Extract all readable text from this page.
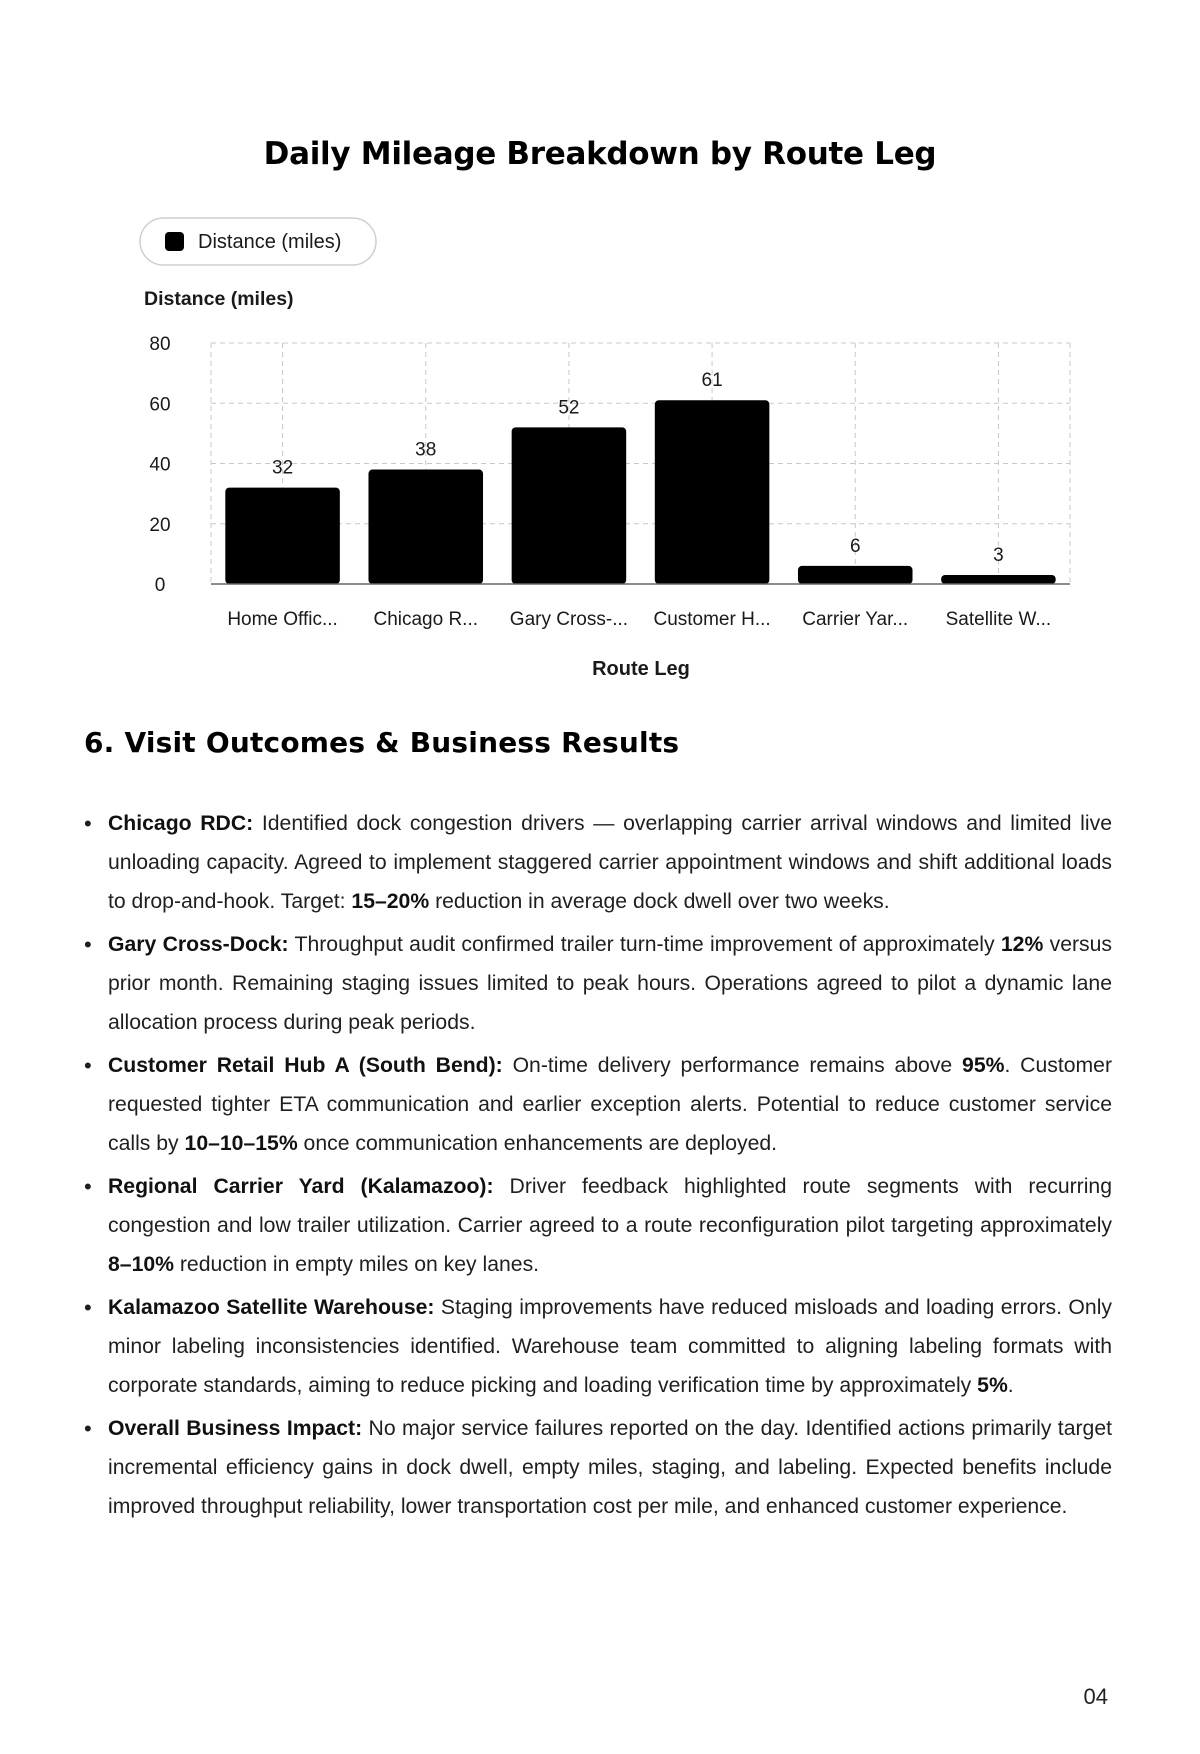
Daily Mileage Breakdown by Route Leg
Distance (miles)
Distance (miles)
0
20
40
60
80
32
Home Offic...
38
Chicago R...
52
Gary Cross-...
61
Customer H...
6
Carrier Yar...
3
Satellite W...
Route Leg
6. Visit Outcomes & Business Results
• Chicago RDC: Identified dock congestion drivers — overlapping carrier arrival windows and limited live unloading capacity. Agreed to implement staggered carrier appointment windows and shift additional loads to drop-and-hook. Target: 15–20% reduction in average dock dwell over two weeks.
• Gary Cross-Dock: Throughput audit confirmed trailer turn-time improvement of approximately 12% versus prior month. Remaining staging issues limited to peak hours. Operations agreed to pilot a dynamic lane allocation process during peak periods.
• Customer Retail Hub A (South Bend): On-time delivery performance remains above 95%. Customer requested tighter ETA communication and earlier exception alerts. Potential to reduce customer service calls by 10–10–15% once communication enhancements are deployed.
• Regional Carrier Yard (Kalamazoo): Driver feedback highlighted route segments with recurring congestion and low trailer utilization. Carrier agreed to a route reconfiguration pilot targeting approximately 8–10% reduction in empty miles on key lanes.
• Kalamazoo Satellite Warehouse: Staging improvements have reduced misloads and loading errors. Only minor labeling inconsistencies identified. Warehouse team committed to aligning labeling formats with corporate standards, aiming to reduce picking and loading verification time by approximately 5%.
• Overall Business Impact: No major service failures reported on the day. Identified actions primarily target incremental efficiency gains in dock dwell, empty miles, staging, and labeling. Expected benefits include improved throughput reliability, lower transportation cost per mile, and enhanced customer experience.
04
